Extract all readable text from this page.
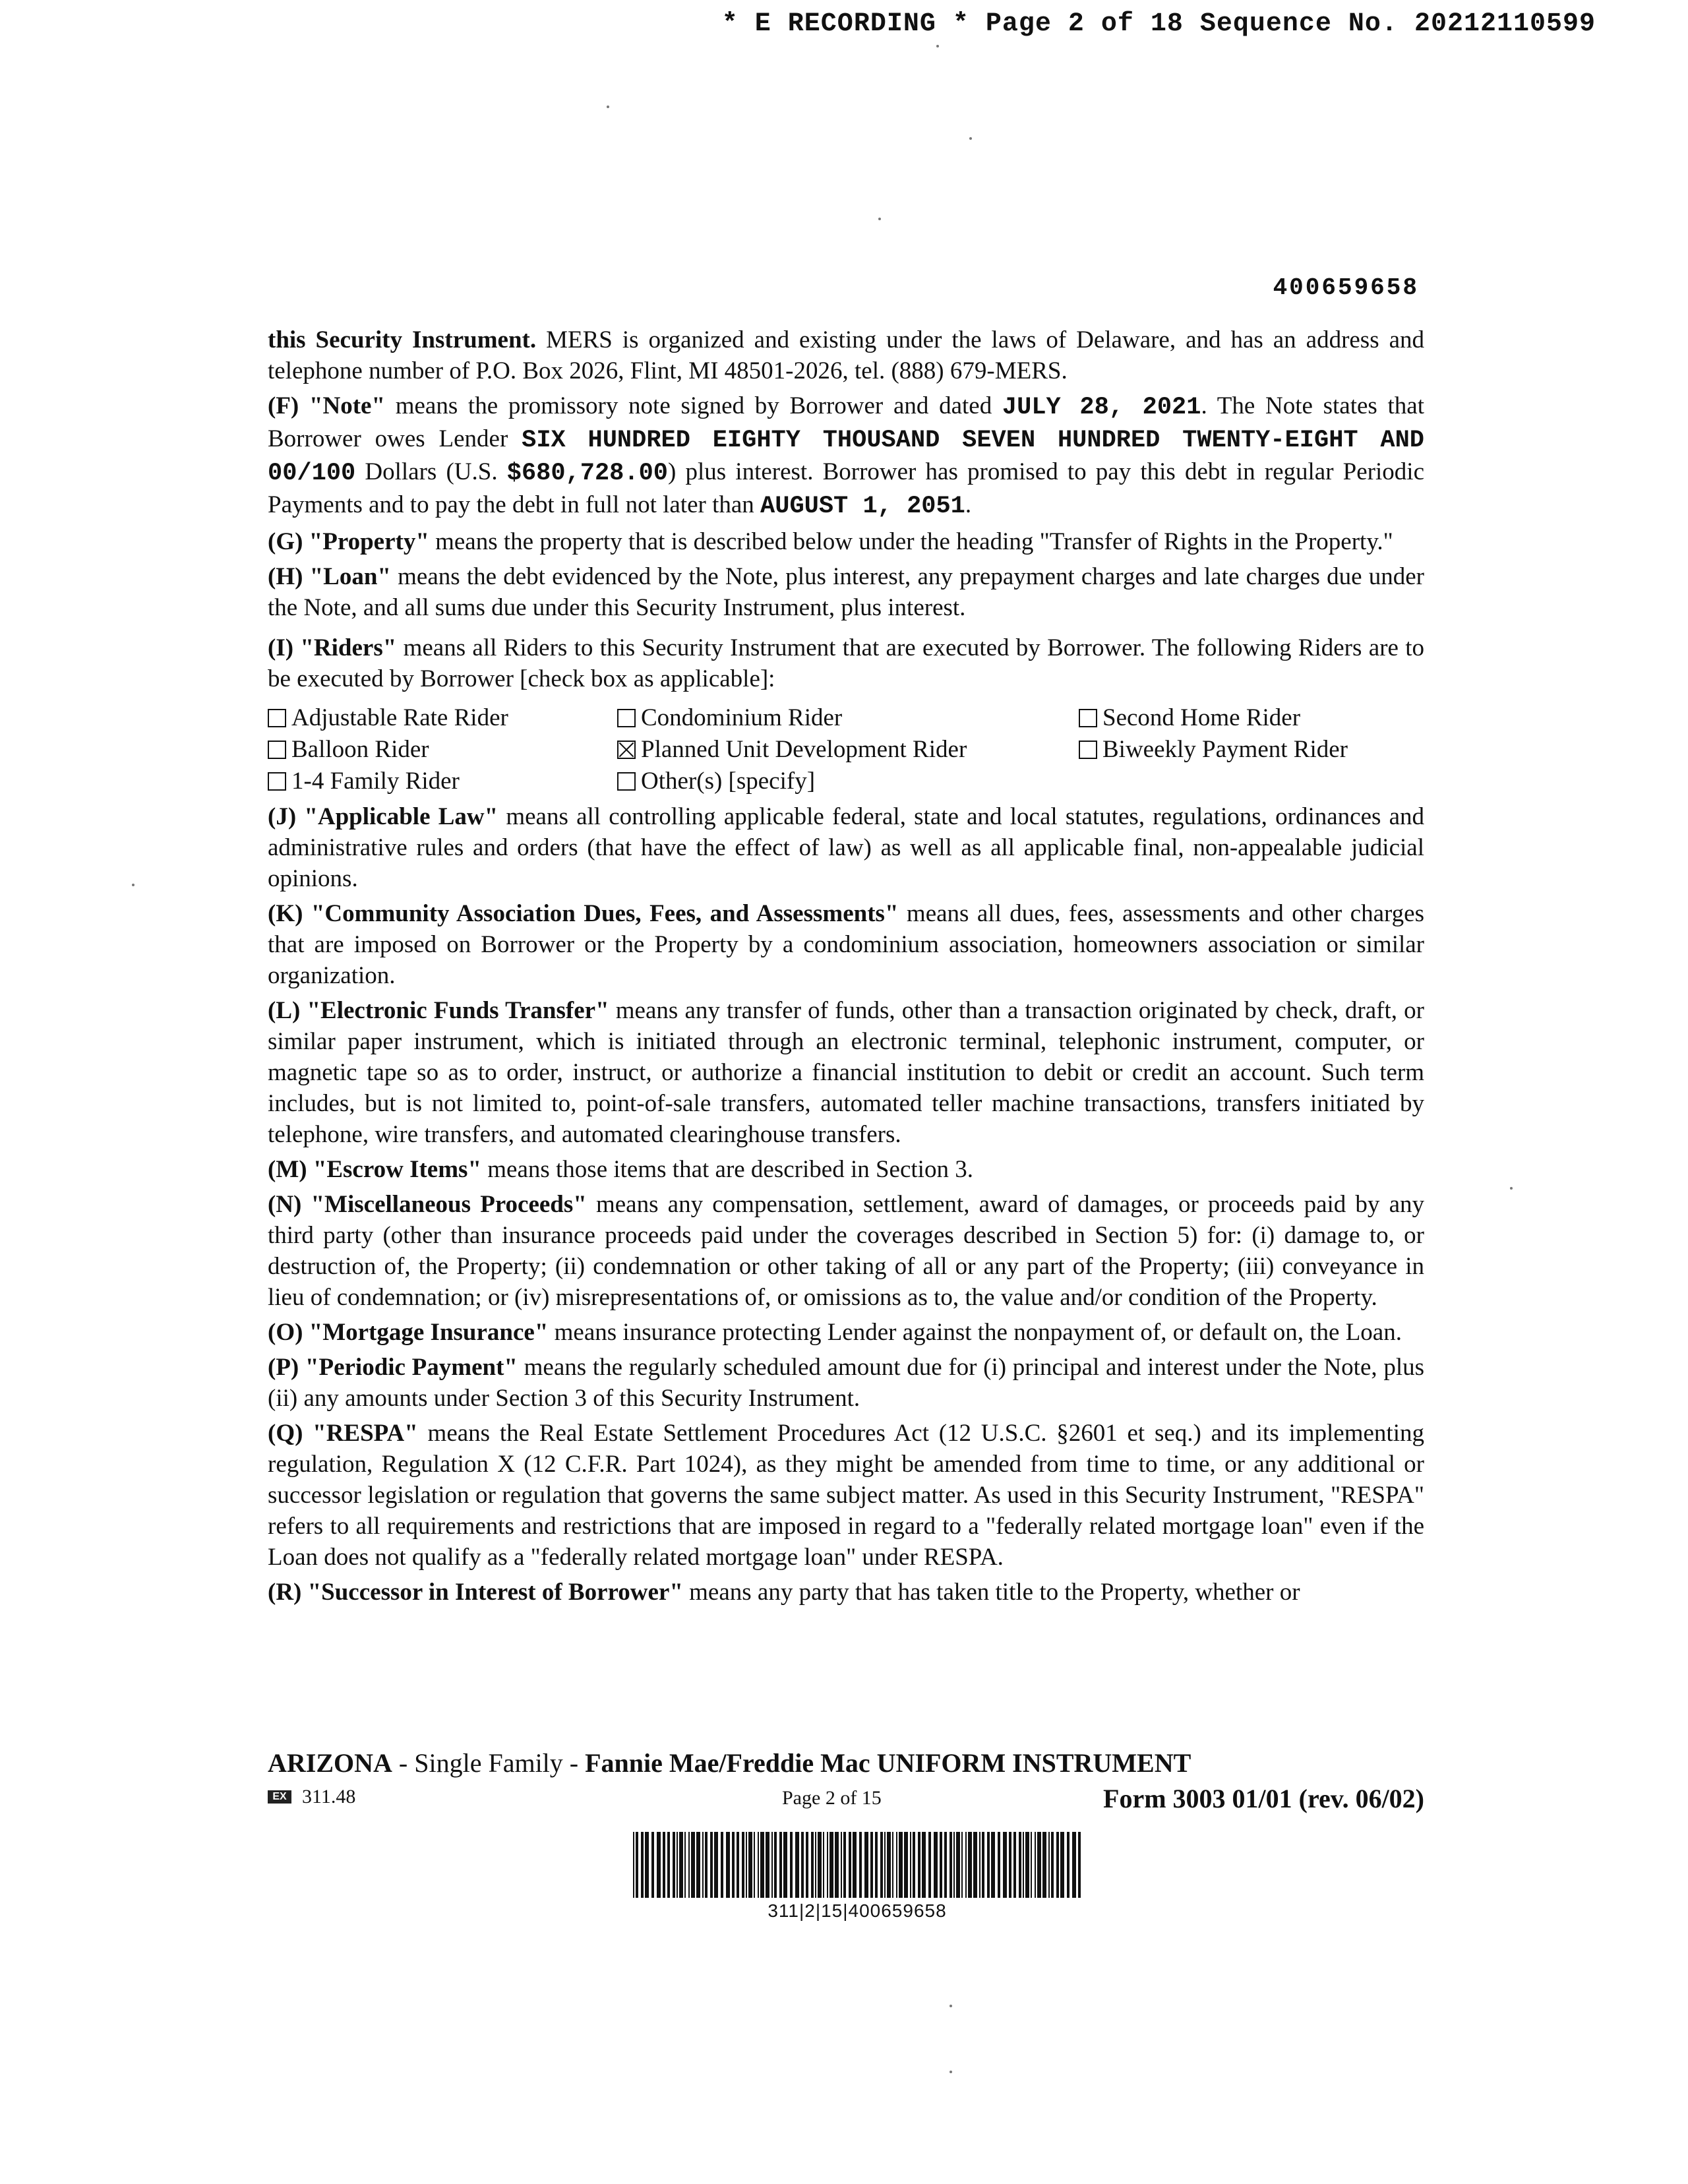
* E RECORDING * Page 2 of 18 Sequence No. 20212110599
400659658

this Security Instrument. MERS is organized and existing under the laws of Delaware, and has an address and telephone number of P.O. Box 2026, Flint, MI 48501-2026, tel. (888) 679-MERS.

(F) "Note" means the promissory note signed by Borrower and dated JULY 28, 2021. The Note states that Borrower owes Lender SIX HUNDRED EIGHTY THOUSAND SEVEN HUNDRED TWENTY-EIGHT AND 00/100 Dollars (U.S. $680,728.00) plus interest. Borrower has promised to pay this debt in regular Periodic Payments and to pay the debt in full not later than AUGUST 1, 2051.

(G) "Property" means the property that is described below under the heading "Transfer of Rights in the Property."

(H) "Loan" means the debt evidenced by the Note, plus interest, any prepayment charges and late charges due under the Note, and all sums due under this Security Instrument, plus interest.

(I) "Riders" means all Riders to this Security Instrument that are executed by Borrower. The following Riders are to be executed by Borrower [check box as applicable]:

Adjustable Rate Rider	Condominium Rider	Second Home Rider
Balloon Rider	Planned Unit Development Rider	Biweekly Payment Rider
1-4 Family Rider	Other(s) [specify]

(J) "Applicable Law" means all controlling applicable federal, state and local statutes, regulations, ordinances and administrative rules and orders (that have the effect of law) as well as all applicable final, non-appealable judicial opinions.

(K) "Community Association Dues, Fees, and Assessments" means all dues, fees, assessments and other charges that are imposed on Borrower or the Property by a condominium association, homeowners association or similar organization.

(L) "Electronic Funds Transfer" means any transfer of funds, other than a transaction originated by check, draft, or similar paper instrument, which is initiated through an electronic terminal, telephonic instrument, computer, or magnetic tape so as to order, instruct, or authorize a financial institution to debit or credit an account. Such term includes, but is not limited to, point-of-sale transfers, automated teller machine transactions, transfers initiated by telephone, wire transfers, and automated clearinghouse transfers.

(M) "Escrow Items" means those items that are described in Section 3.

(N) "Miscellaneous Proceeds" means any compensation, settlement, award of damages, or proceeds paid by any third party (other than insurance proceeds paid under the coverages described in Section 5) for: (i) damage to, or destruction of, the Property; (ii) condemnation or other taking of all or any part of the Property; (iii) conveyance in lieu of condemnation; or (iv) misrepresentations of, or omissions as to, the value and/or condition of the Property.

(O) "Mortgage Insurance" means insurance protecting Lender against the nonpayment of, or default on, the Loan.

(P) "Periodic Payment" means the regularly scheduled amount due for (i) principal and interest under the Note, plus (ii) any amounts under Section 3 of this Security Instrument.

(Q) "RESPA" means the Real Estate Settlement Procedures Act (12 U.S.C. §2601 et seq.) and its implementing regulation, Regulation X (12 C.F.R. Part 1024), as they might be amended from time to time, or any additional or successor legislation or regulation that governs the same subject matter. As used in this Security Instrument, "RESPA" refers to all requirements and restrictions that are imposed in regard to a "federally related mortgage loan" even if the Loan does not qualify as a "federally related mortgage loan" under RESPA.

(R) "Successor in Interest of Borrower" means any party that has taken title to the Property, whether or

ARIZONA - Single Family - Fannie Mae/Freddie Mac UNIFORM INSTRUMENT
EX 311.48	Page 2 of 15	Form 3003 01/01 (rev. 06/02)
311|2|15|400659658
